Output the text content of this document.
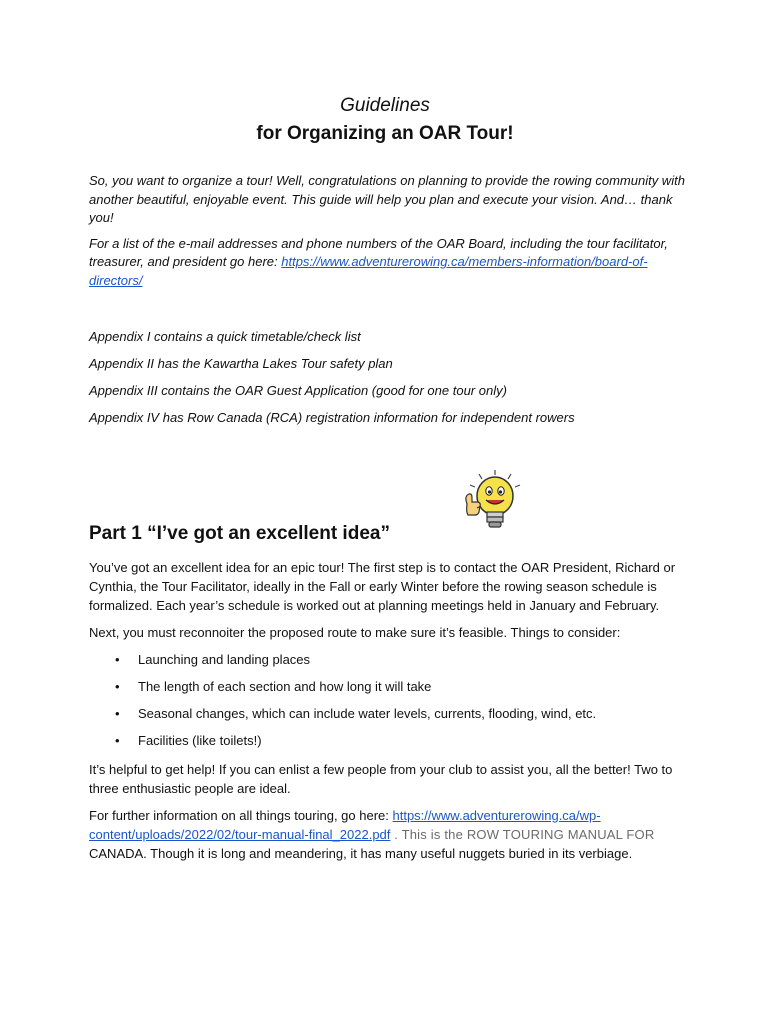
Guidelines
for Organizing an OAR Tour!

So, you want to organize a tour! Well, congratulations on planning to provide the rowing community with another beautiful, enjoyable event. This guide will help you plan and execute your vision. And… thank you!

For a list of the e-mail addresses and phone numbers of the OAR Board, including the tour facilitator, treasurer, and president go here: https://www.adventurerowing.ca/members-information/board-of-directors/

Appendix I contains a quick timetable/check list
Appendix II has the Kawartha Lakes Tour safety plan
Appendix III contains the OAR Guest Application (good for one tour only)
Appendix IV has Row Canada (RCA) registration information for independent rowers
Part 1 “I’ve got an excellent idea”

You’ve got an excellent idea for an epic tour! The first step is to contact the OAR President, Richard or Cynthia, the Tour Facilitator, ideally in the Fall or early Winter before the rowing season schedule is formalized. Each year’s schedule is worked out at planning meetings held in January and February.

Next, you must reconnoiter the proposed route to make sure it’s feasible. Things to consider:

• Launching and landing places
• The length of each section and how long it will take
• Seasonal changes, which can include water levels, currents, flooding, wind, etc.
• Facilities (like toilets!)

It’s helpful to get help! If you can enlist a few people from your club to assist you, all the better! Two to three enthusiastic people are ideal.

For further information on all things touring, go here: https://www.adventurerowing.ca/wp-content/uploads/2022/02/tour-manual-final_2022.pdf . This is the ROW TOURING MANUAL FOR CANADA. Though it is long and meandering, it has many useful nuggets buried in its verbiage.
